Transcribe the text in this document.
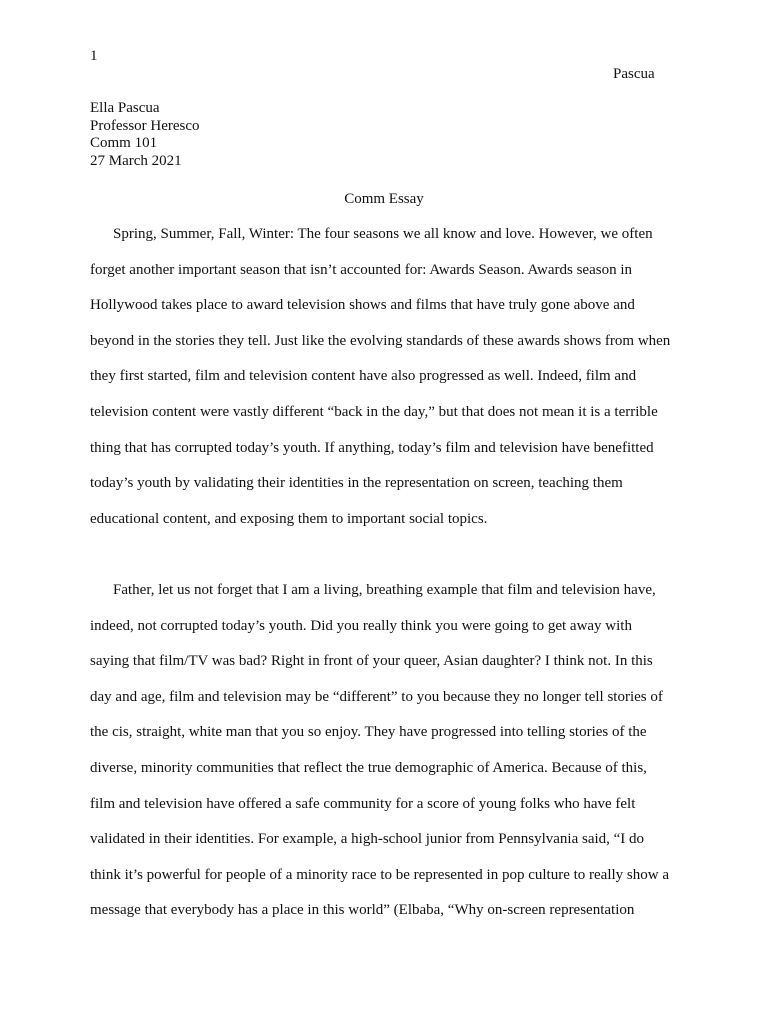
1
Pascua
Ella Pascua
Professor Heresco
Comm 101
27 March 2021
Comm Essay
Spring, Summer, Fall, Winter: The four seasons we all know and love. However, we often
forget another important season that isn’t accounted for: Awards Season. Awards season in
Hollywood takes place to award television shows and films that have truly gone above and
beyond in the stories they tell. Just like the evolving standards of these awards shows from when
they first started, film and television content have also progressed as well. Indeed, film and
television content were vastly different “back in the day,” but that does not mean it is a terrible
thing that has corrupted today’s youth. If anything, today’s film and television have benefitted
today’s youth by validating their identities in the representation on screen, teaching them
educational content, and exposing them to important social topics.
Father, let us not forget that I am a living, breathing example that film and television have,
indeed, not corrupted today’s youth. Did you really think you were going to get away with
saying that film/TV was bad? Right in front of your queer, Asian daughter? I think not. In this
day and age, film and television may be “different” to you because they no longer tell stories of
the cis, straight, white man that you so enjoy. They have progressed into telling stories of the
diverse, minority communities that reflect the true demographic of America. Because of this,
film and television have offered a safe community for a score of young folks who have felt
validated in their identities. For example, a high-school junior from Pennsylvania said, “I do
think it’s powerful for people of a minority race to be represented in pop culture to really show a
message that everybody has a place in this world” (Elbaba, “Why on-screen representation
